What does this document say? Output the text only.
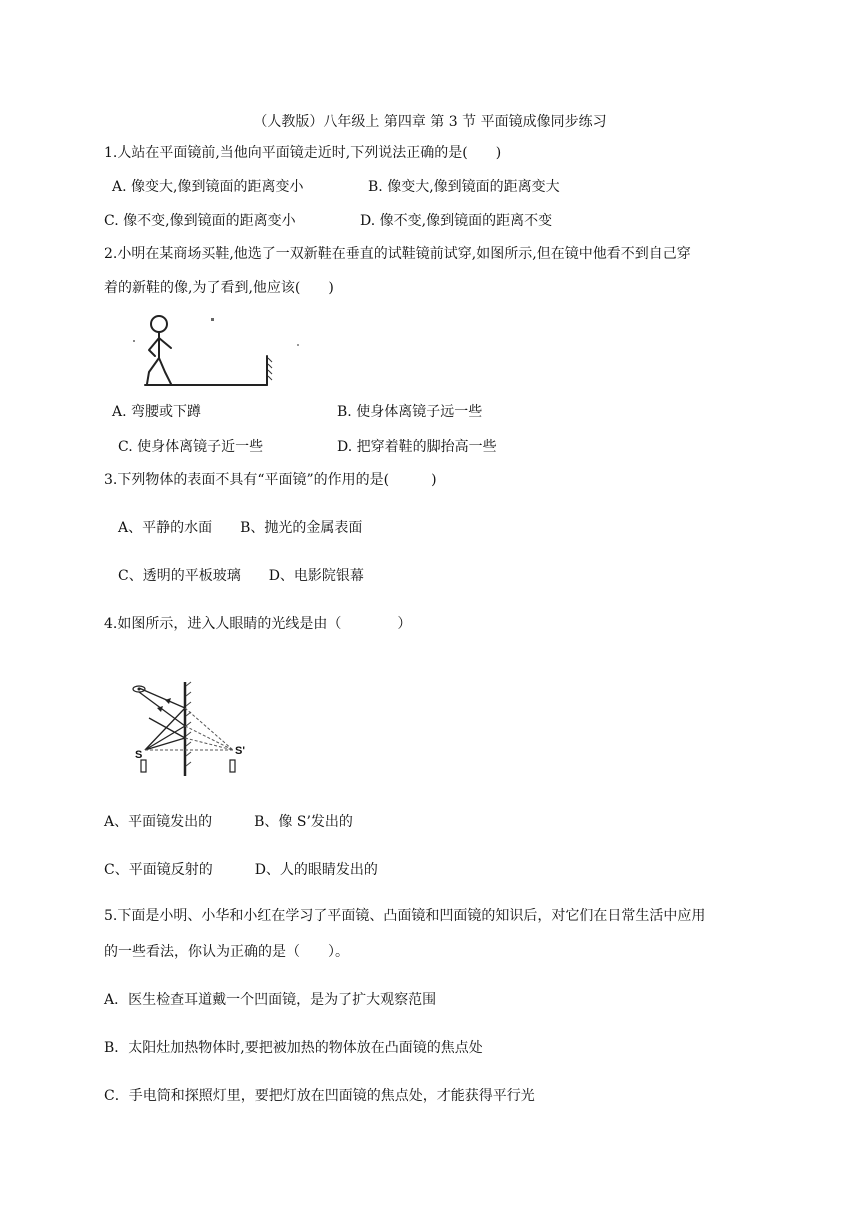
（人教版）八年级上 第四章 第 3 节 平面镜成像同步练习
1.人站在平面镜前,当他向平面镜走近时,下列说法正确的是(　　)
A. 像变大,像到镜面的距离变小	B. 像变大,像到镜面的距离变大
C. 像不变,像到镜面的距离变小	D. 像不变,像到镜面的距离不变
2.小明在某商场买鞋,他选了一双新鞋在垂直的试鞋镜前试穿,如图所示,但在镜中他看不到自己穿
着的新鞋的像,为了看到,他应该(　　)
A. 弯腰或下蹲	B. 使身体离镜子远一些
C. 使身体离镜子近一些	D. 把穿着鞋的脚抬高一些
3.下列物体的表面不具有“平面镜”的作用的是(　　　)
A、平静的水面　　B、抛光的金属表面
C、透明的平板玻璃　　D、电影院银幕
4.如图所示，进入人眼睛的光线是由（　　　　）
S	S'
A、平面镜发出的　　　B、像 S’发出的
C、平面镜反射的　　　D、人的眼睛发出的
5.下面是小明、小华和小红在学习了平面镜、凸面镜和凹面镜的知识后，对它们在日常生活中应用
的一些看法，你认为正确的是（　　）。
A．医生检查耳道戴一个凹面镜，是为了扩大观察范围
B．太阳灶加热物体时,要把被加热的物体放在凸面镜的焦点处
C．手电筒和探照灯里，要把灯放在凹面镜的焦点处，才能获得平行光
